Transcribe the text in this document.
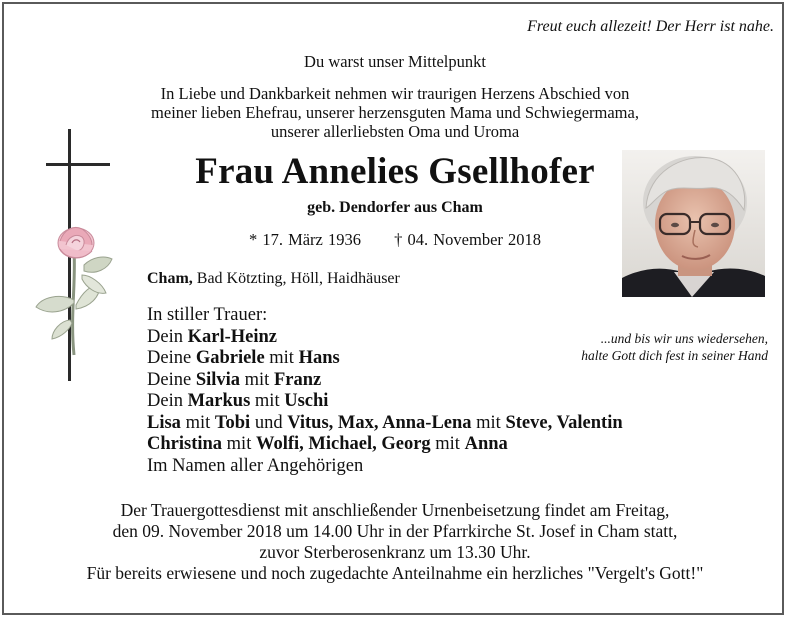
Freut euch allezeit! Der Herr ist nahe.
Du warst unser Mittelpunkt
In Liebe und Dankbarkeit nehmen wir traurigen Herzens Abschied von
meiner lieben Ehefrau, unserer herzensguten Mama und Schwiegermama,
unserer allerliebsten Oma und Uroma
Frau Annelies Gsellhofer
geb. Dendorfer aus Cham
* 17. März 1936 † 04. November 2018
Cham, Bad Kötzting, Höll, Haidhäuser
In stiller Trauer:
Dein Karl-Heinz
Deine Gabriele mit Hans
Deine Silvia mit Franz
Dein Markus mit Uschi
Lisa mit Tobi und Vitus, Max, Anna-Lena mit Steve, Valentin
Christina mit Wolfi, Michael, Georg mit Anna
Im Namen aller Angehörigen
...und bis wir uns wiedersehen,
halte Gott dich fest in seiner Hand
Der Trauergottesdienst mit anschließender Urnenbeisetzung findet am Freitag,
den 09. November 2018 um 14.00 Uhr in der Pfarrkirche St. Josef in Cham statt,
zuvor Sterberosenkranz um 13.30 Uhr.
Für bereits erwiesene und noch zugedachte Anteilnahme ein herzliches "Vergelt's Gott!"
